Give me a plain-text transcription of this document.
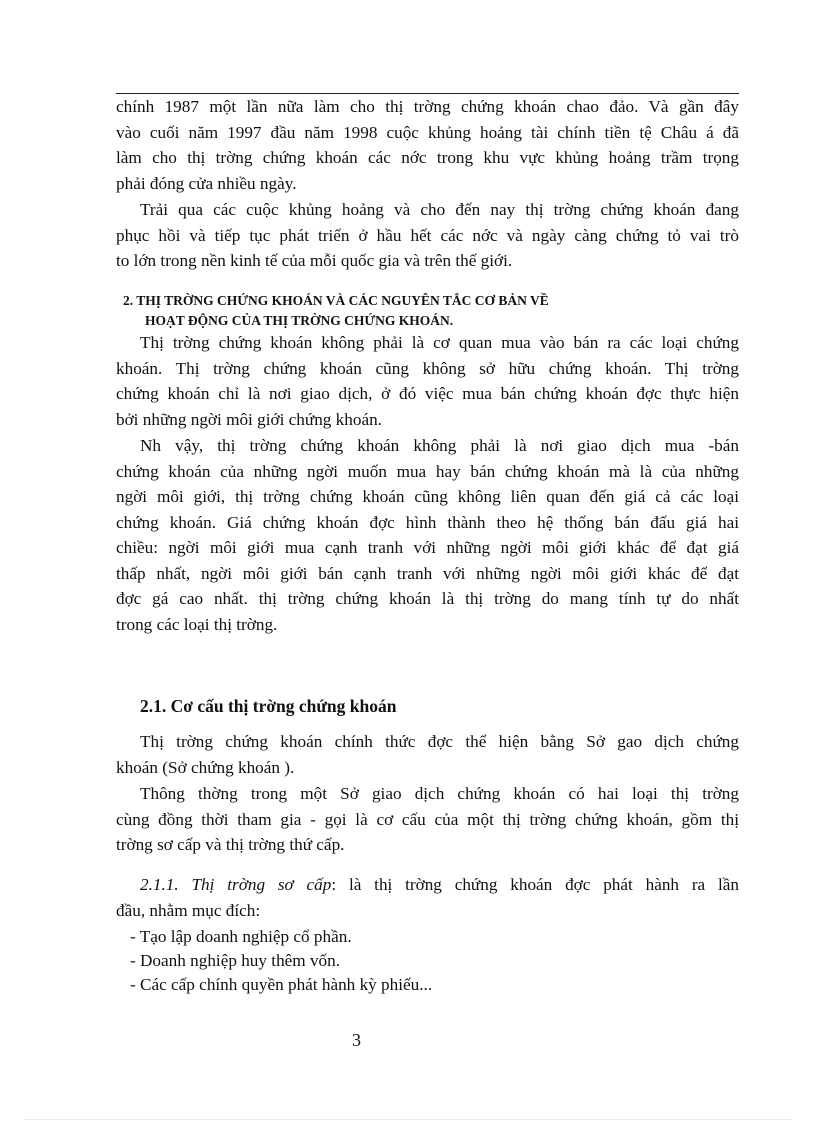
chính 1987 một lần nữa làm cho thị trờng chứng khoán chao đảo. Và gần đây
vào cuối năm 1997 đầu năm 1998 cuộc khủng hoảng tài chính tiền tệ Châu á đã
làm cho thị trờng chứng khoán các nớc trong khu vực khủng hoảng trầm trọng
phải đóng cửa nhiều ngày.
Trải qua các cuộc khủng hoảng và cho đến nay thị trờng chứng khoán đang
phục hồi và tiếp tục phát triển ở hầu hết các nớc và ngày càng chứng tỏ vai trò
to lớn trong nền kinh tế của mỗi quốc gia và trên thế giới.
2. THỊ TRỜNG CHỨNG KHOÁN VÀ CÁC NGUYÊN TẮC CƠ BẢN VỀ
HOẠT ĐỘNG CỦA THỊ TRỜNG CHỨNG KHOÁN.
Thị trờng chứng khoán không phải là cơ quan mua vào bán ra các loại chứng
khoán. Thị trờng chứng khoán cũng không sở hữu chứng khoán. Thị trờng
chứng khoán chỉ là nơi giao dịch, ở đó việc mua bán chứng khoán đợc thực hiện
bởi những ngời môi giới chứng khoán.
Nh vậy, thị trờng chứng khoán không phải là nơi giao dịch mua -bán
chứng khoán của những ngời muốn mua hay bán chứng khoán mà là của những
ngời môi giới, thị trờng chứng khoán cũng không liên quan đến giá cả các loại
chứng khoán. Giá chứng khoán đợc hình thành theo hệ thống bán đấu giá hai
chiều: ngời môi giới mua cạnh tranh với những ngời môi giới khác để đạt giá
thấp nhất, ngời môi giới bán cạnh tranh với những ngời môi giới khác để đạt
đợc gá cao nhất. thị trờng chứng khoán là thị trờng do mang tính tự do nhất
trong các loại thị trờng.
2.1. Cơ cấu thị trờng chứng khoán
Thị trờng chứng khoán chính thức đợc thể hiện bằng Sở gao dịch chứng
khoán (Sở chứng khoán ).
Thông thờng trong một Sở giao dịch chứng khoán có hai loại thị trờng
cùng đồng thời tham gia - gọi là cơ cấu của một thị trờng chứng khoán, gồm thị
trờng sơ cấp và thị trờng thứ cấp.
2.1.1. Thị trờng sơ cấp: là thị trờng chứng khoán đợc phát hành ra lần
đầu, nhằm mục đích:
- Tạo lập doanh nghiệp cổ phần.
- Doanh nghiệp huy thêm vốn.
- Các cấp chính quyền phát hành kỳ phiếu...
3
